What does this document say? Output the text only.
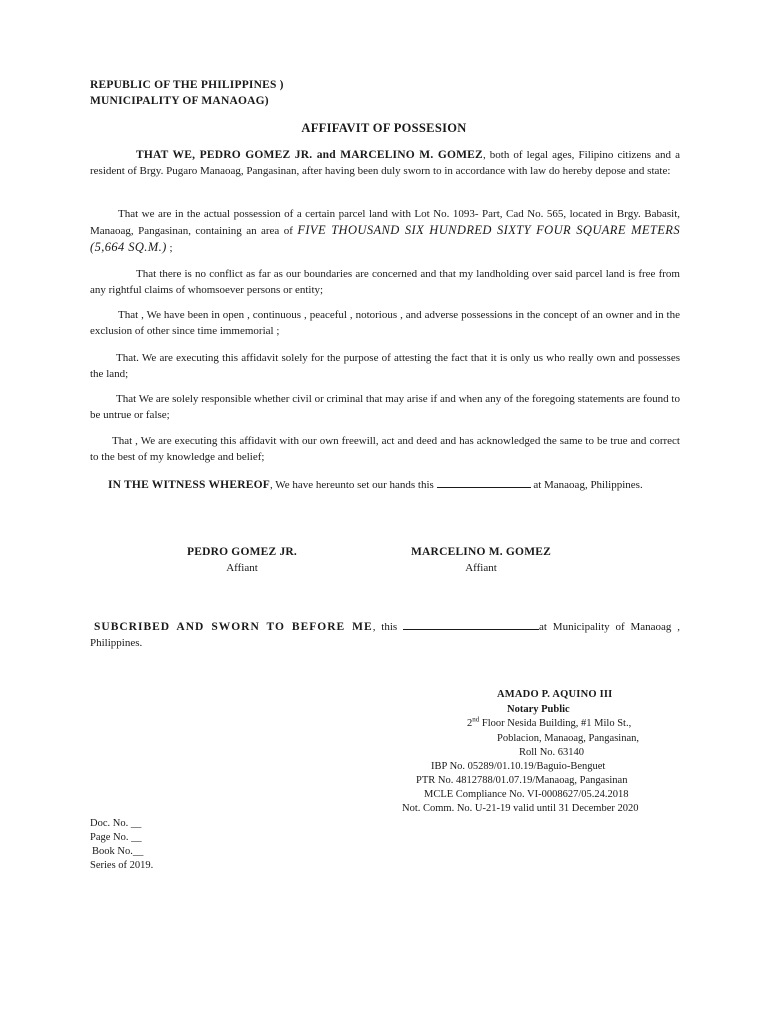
REPUBLIC OF THE PHILIPPINES )
MUNICIPALITY OF MANAOAG)
AFFIFAVIT OF POSSESION
THAT WE, PEDRO GOMEZ JR. and MARCELINO M. GOMEZ, both of legal ages, Filipino citizens and a resident of Brgy. Pugaro Manaoag, Pangasinan, after having been duly sworn to in accordance with law do hereby depose and state:
That we are in the actual possession of a certain parcel land with Lot No. 1093- Part, Cad No. 565, located in Brgy. Babasit, Manaoag, Pangasinan, containing an area of FIVE THOUSAND SIX HUNDRED SIXTY FOUR SQUARE METERS (5,664 SQ.M.) ;
That there is no conflict as far as our boundaries are concerned and that my landholding over said parcel land is free from any rightful claims of whomsoever persons or entity;
That , We have been in open , continuous , peaceful , notorious , and adverse possessions in the concept of an owner and in the exclusion of other since time immemorial ;
That. We are executing this affidavit solely for the purpose of attesting the fact that it is only us who really own and possesses the land;
That We are solely responsible whether civil or criminal that may arise if and when any of the foregoing statements are found to be untrue or false;
That , We are executing this affidavit with our own freewill, act and deed and has acknowledged the same to be true and correct to the best of my knowledge and belief;
IN THE WITNESS WHEREOF, We have hereunto set our hands this	at Manaoag, Philippines.
PEDRO GOMEZ JR.
Affiant
MARCELINO M. GOMEZ
Affiant
SUBCRIBED AND SWORN TO BEFORE ME, this	at Municipality of Manaoag , Philippines.
AMADO P. AQUINO III
Notary Public
2nd Floor Nesida Building, #1 Milo St.,
Poblacion, Manaoag, Pangasinan,
Roll No. 63140
IBP No. 05289/01.10.19/Baguio-Benguet
PTR No. 4812788/01.07.19/Manaoag, Pangasinan
MCLE Compliance No. VI-0008627/05.24.2018
Not. Comm. No. U-21-19 valid until 31 December 2020
Doc. No. __
Page No. __
Book No.__
Series of 2019.
